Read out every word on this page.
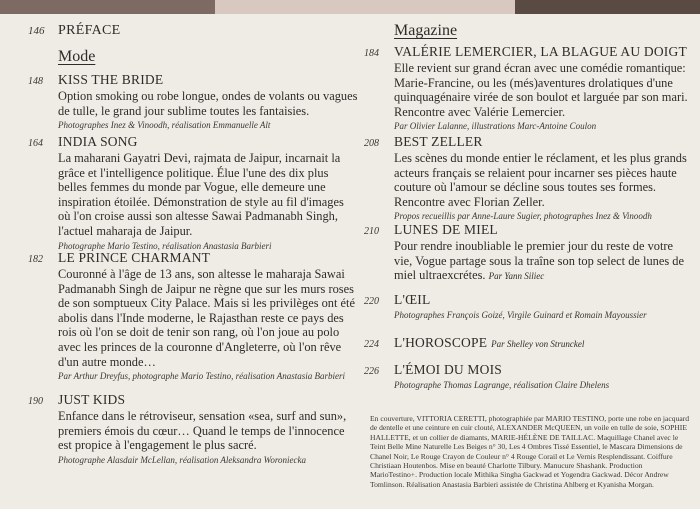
146 PRÉFACE
Mode
148	KISS THE BRIDE
Option smoking ou robe longue, ondes de volants ou vagues de tulle, le grand jour sublime toutes les fantaisies.
Photographes Inez & Vinoodh, réalisation Emmanuelle Alt
164	INDIA SONG
La maharani Gayatri Devi, rajmata de Jaipur, incarnait la grâce et l'intelligence politique. Élue l'une des dix plus belles femmes du monde par Vogue, elle demeure une inspiration étoilée. Démonstration de style au fil d'images où l'on croise aussi son altesse Sawai Padmanabh Singh, l'actuel maharaja de Jaipur.
Photographe Mario Testino, réalisation Anastasia Barbieri
182	LE PRINCE CHARMANT
Couronné à l'âge de 13 ans, son altesse le maharaja Sawai Padmanabh Singh de Jaipur ne règne que sur les murs roses de son somptueux City Palace. Mais si les privilèges ont été abolis dans l'Inde moderne, le Rajasthan reste ce pays des rois où l'on se doit de tenir son rang, où l'on joue au polo avec les princes de la couronne d'Angleterre, où l'on rêve d'un autre monde…
Par Arthur Dreyfus, photographe Mario Testino, réalisation Anastasia Barbieri
190	JUST KIDS
Enfance dans le rétroviseur, sensation «sea, surf and sun», premiers émois du cœur… Quand le temps de l'innocence est propice à l'engagement le plus sacré.
Photographe Alasdair McLellan, réalisation Aleksandra Woroniecka
Magazine
184	VALÉRIE LEMERCIER, LA BLAGUE AU DOIGT
Elle revient sur grand écran avec une comédie romantique: Marie-Francine, ou les (més)aventures drolatiques d'une quinquagénaire virée de son boulot et larguée par son mari. Rencontre avec Valérie Lemercier.
Par Olivier Lalanne, illustrations Marc-Antoine Coulon
208	BEST ZELLER
Les scènes du monde entier le réclament, et les plus grands acteurs français se relaient pour incarner ses pièces haute couture où l'amour se décline sous toutes ses formes. Rencontre avec Florian Zeller.
Propos recueillis par Anne-Laure Sugier, photographes Inez & Vinoodh
210	LUNES DE MIEL
Pour rendre inoubliable le premier jour du reste de votre vie, Vogue partage sous la traîne son top select de lunes de miel ultraexcrétes. Par Yann Siliec
220	L'ŒIL
Photographes François Goizé, Virgile Guinard et Romain Mayoussier
224	L'HOROSCOPE
Par Shelley von Strunckel
226	L'ÉMOI DU MOIS
Photographe Thomas Lagrange, réalisation Claire Dhelens
En couverture, VITTORIA CERETTI, photographiée par MARIO TESTINO, porte une robe en jacquard de dentelle et une ceinture en cuir clouté, ALEXANDER McQUEEN, un voile en tulle de soie, SOPHIE HALLETTE, et un collier de diamants, MARIE-HÉLÈNE DE TAILLAC. Maquillage Chanel avec le Teint Belle Mine Naturelle Les Beiges n° 30, Les 4 Ombres Tissé Essentiel, le Mascara Dimensions de Chanel Noir, Le Rouge Crayon de Couleur n° 4 Rouge Corail et Le Vernis Resplendissant. Coiffure Christiaan Houtenbos. Mise en beauté Charlotte Tilbury. Manucure Shashank. Production MarioTestino+. Production locale Mithika Singha Gackwad et Yogendra Gackwad. Décor Andrew Tomlinson. Réalisation Anastasia Barbieri assistée de Christina Ahlberg et Kyanisha Morgan.
